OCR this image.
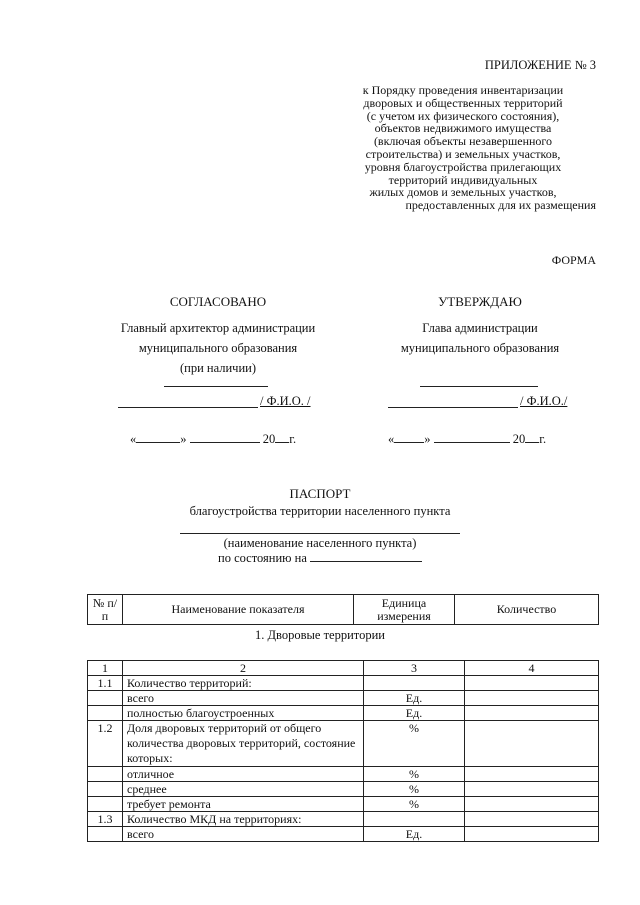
ПРИЛОЖЕНИЕ № 3
к Порядку проведения инвентаризации
дворовых и общественных территорий
(с учетом их физического состояния),
объектов недвижимого имущества
(включая объекты незавершенного
строительства) и земельных участков,
уровня благоустройства прилегающих
территорий индивидуальных
жилых домов и земельных участков,
предоставленных для их размещения
ФОРМА
СОГЛАСОВАНО
Главный архитектор администрации
муниципального образования
(при наличии)
/ Ф.И.О. /
«	»	20 г.
УТВЕРЖДАЮ
Глава администрации
муниципального образования
/ Ф.И.О./
« »	20 г.
ПАСПОРТ
благоустройства территории населенного пункта
(наименование населенного пункта)
по состоянию на
№ п/п	Наименование показателя	Единица измерения	Количество
1. Дворовые территории
1	2	3	4
1.1	Количество территорий:		
	всего	Ед.	
	полностью благоустроенных	Ед.	
1.2	Доля дворовых территорий от общего количества дворовых территорий, состояние которых:	%	
	отличное	%	
	среднее	%	
	требует ремонта	%	
1.3	Количество МКД на территориях:		
	всего	Ед.	
